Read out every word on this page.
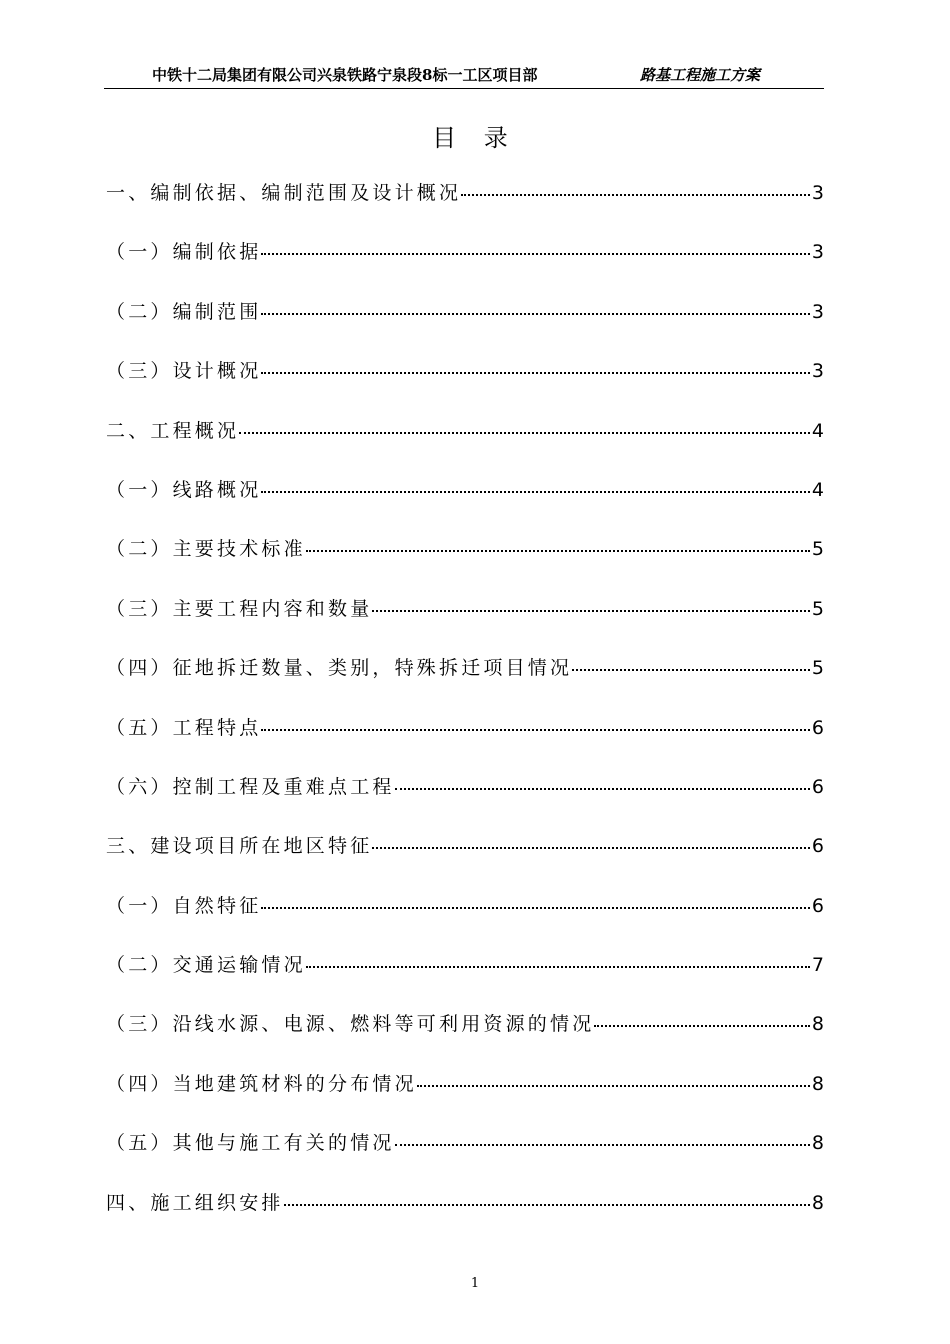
中铁十二局集团有限公司兴泉铁路宁泉段8标一工区项目部	路基工程施工方案
目 录
一、编制依据、编制范围及设计概况	3
（一）编制依据	3
（二）编制范围	3
（三）设计概况	3
二、工程概况	4
（一）线路概况	4
（二）主要技术标准	5
（三）主要工程内容和数量	5
（四）征地拆迁数量、类别，特殊拆迁项目情况	5
（五）工程特点	6
（六）控制工程及重难点工程	6
三、建设项目所在地区特征	6
（一）自然特征	6
（二）交通运输情况	7
（三）沿线水源、电源、燃料等可利用资源的情况	8
（四）当地建筑材料的分布情况	8
（五）其他与施工有关的情况	8
四、施工组织安排	8
1
